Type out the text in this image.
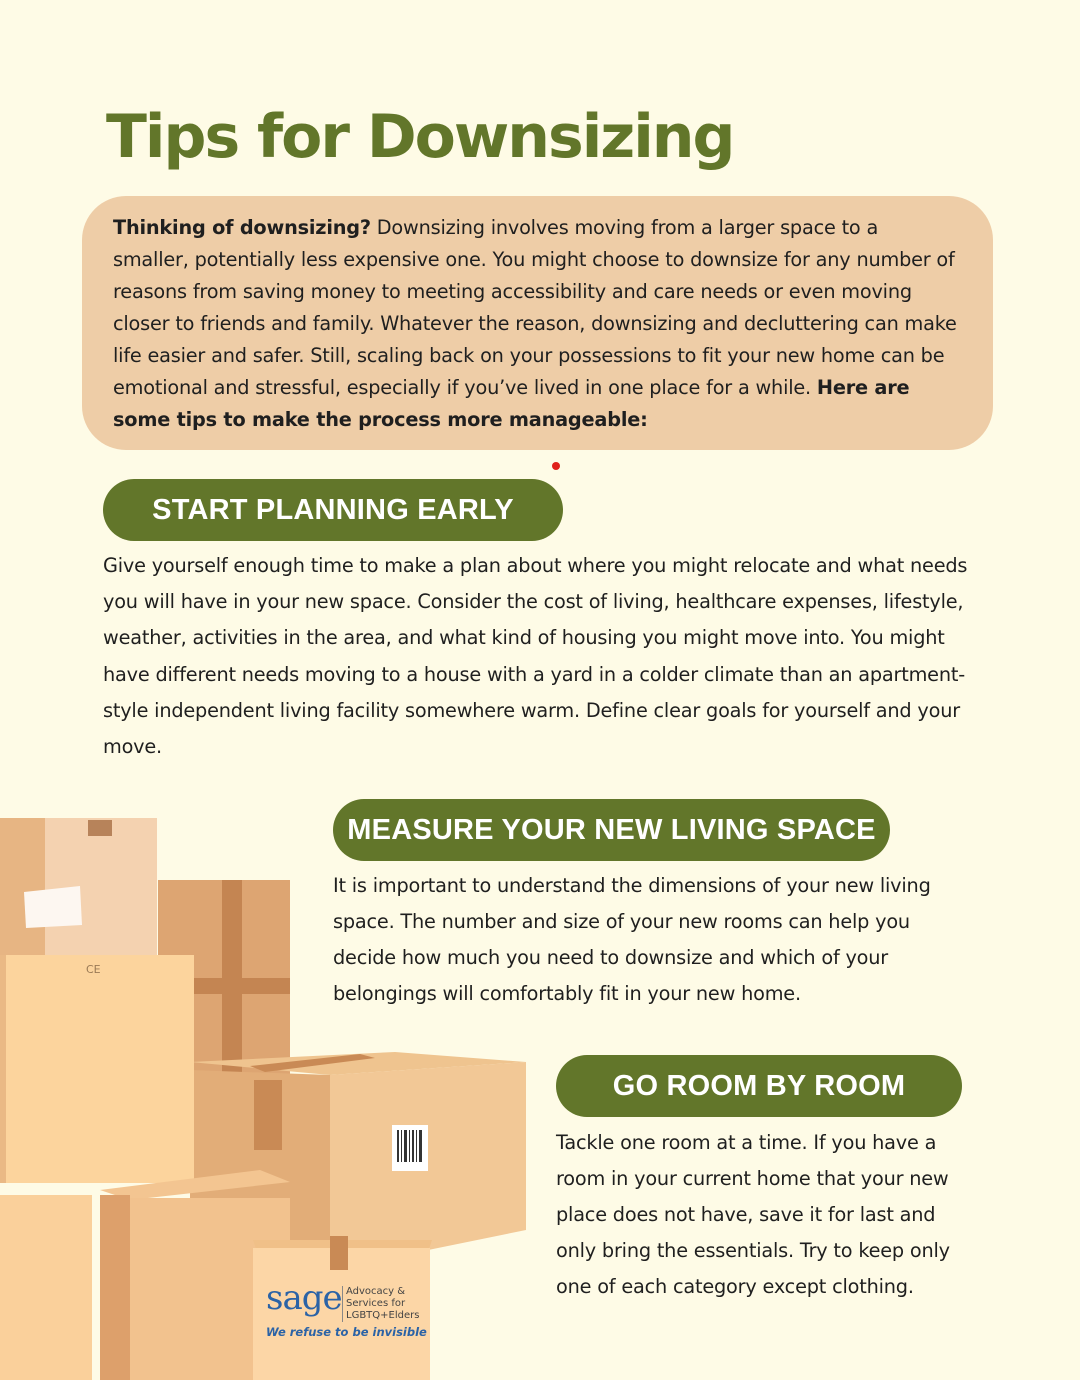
Tips for Downsizing
Thinking of downsizing? Downsizing involves moving from a larger space to a smaller, potentially less expensive one. You might choose to downsize for any number of reasons from saving money to meeting accessibility and care needs or even moving closer to friends and family. Whatever the reason, downsizing and decluttering can make life easier and safer. Still, scaling back on your possessions to fit your new home can be emotional and stressful, especially if you’ve lived in one place for a while. Here are some tips to make the process more manageable:
START PLANNING EARLY

Give yourself enough time to make a plan about where you might relocate and what needs you will have in your new space. Consider the cost of living, healthcare expenses, lifestyle, weather, activities in the area, and what kind of housing you might move into. You might have different needs moving to a house with a yard in a colder climate than an apartment-style independent living facility somewhere warm. Define clear goals for yourself and your move.

MEASURE YOUR NEW LIVING SPACE

It is important to understand the dimensions of your new living space. The number and size of your new rooms can help you decide how much you need to downsize and which of your belongings will comfortably fit in your new home.

GO ROOM BY ROOM

Tackle one room at a time. If you have a room in your current home that your new place does not have, save it for last and only bring the essentials. Try to keep only one of each category except clothing.

CE
sage Advocacy &
Services for
LGBTQ+Elders
We refuse to be invisible
